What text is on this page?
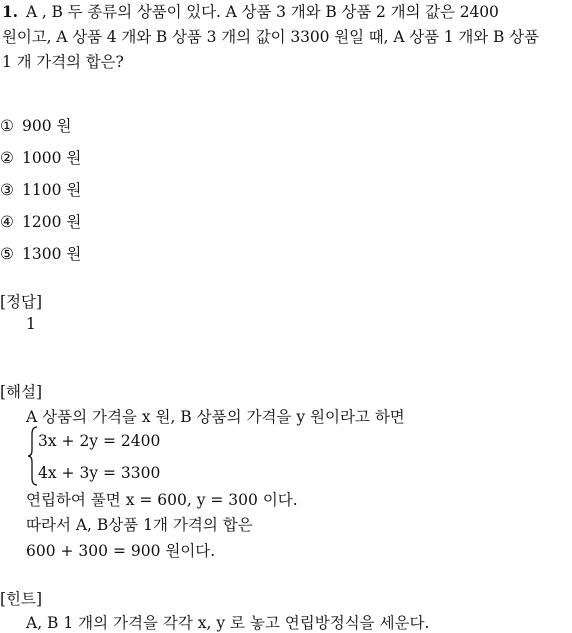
1. A , B 두 종류의 상품이 있다. A 상품 3 개와 B 상품 2 개의 값은 2400
원이고, A 상품 4 개와 B 상품 3 개의 값이 3300 원일 때, A 상품 1 개와 B 상품
1 개 가격의 합은?
① 900 원
② 1000 원
③ 1100 원
④ 1200 원
⑤ 1300 원
[정답]
1
[해설]
A 상품의 가격을 x 원, B 상품의 가격을 y 원이라고 하면
3x + 2y = 2400
4x + 3y = 3300
연립하여 풀면 x = 600, y = 300 이다.
따라서 A, B상품 1개 가격의 합은
600 + 300 = 900 원이다.
[힌트]
A, B 1 개의 가격을 각각 x, y 로 놓고 연립방정식을 세운다.
